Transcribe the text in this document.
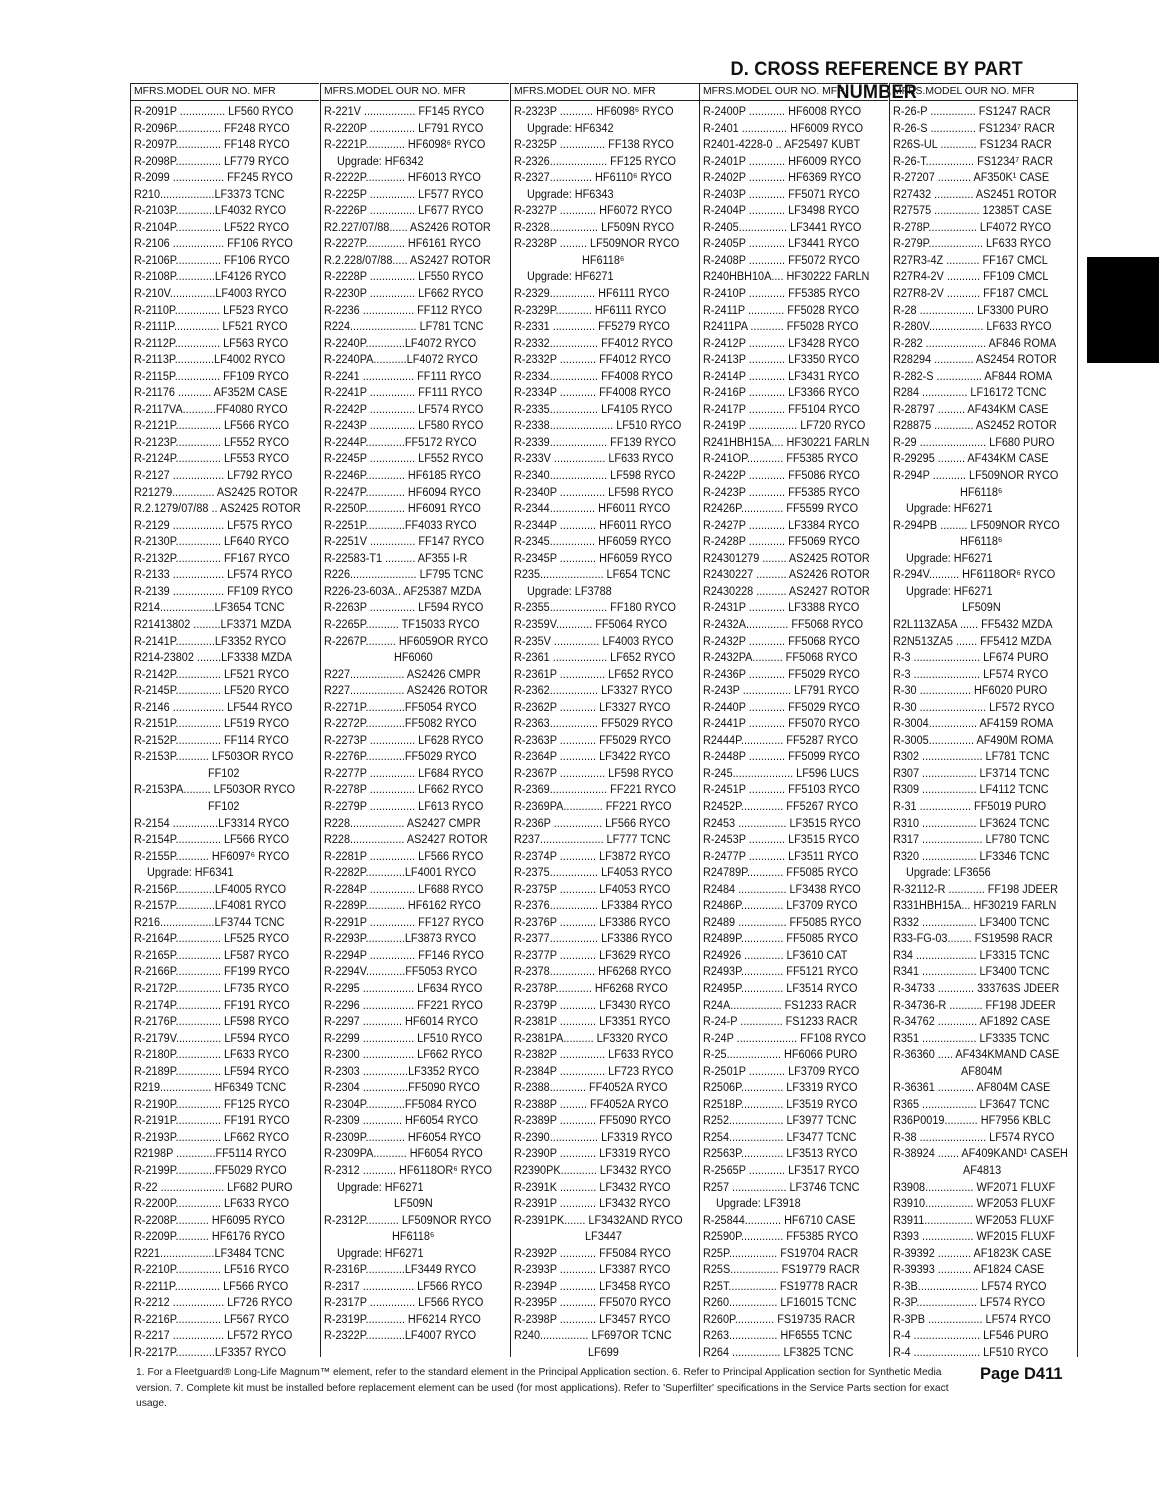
D. CROSS REFERENCE BY PART NUMBER
MFRS.MODEL OUR NO. MFR
R-2091P ............... LF560 RYCO
R-2096P............... FF248 RYCO
R-2097P............... FF148 RYCO
R-2098P............... LF779 RYCO
R-2099 ................. FF245 RYCO
R210..................LF3373 TCNC
R-2103P.............LF4032 RYCO
R-2104P............... LF522 RYCO
R-2106 ................. FF106 RYCO
R-2106P............... FF106 RYCO
R-2108P.............LF4126 RYCO
R-210V...............LF4003 RYCO
R-2110P............... LF523 RYCO
R-2111P............... LF521 RYCO
R-2112P............... LF563 RYCO
R-2113P.............LF4002 RYCO
R-2115P............... FF109 RYCO
R-21176 ........... AF352M CASE
R-2117VA...........FF4080 RYCO
R-2121P............... LF566 RYCO
R-2123P............... LF552 RYCO
R-2124P............... LF553 RYCO
R-2127 ................. LF792 RYCO
R21279.............. AS2425 ROTOR
R.2.1279/07/88 .. AS2425 ROTOR
R-2129 ................. LF575 RYCO
R-2130P............... LF640 RYCO
R-2132P............... FF167 RYCO
R-2133 ................. LF574 RYCO
R-2139 ................. FF109 RYCO
R214..................LF3654 TCNC
R21413802 .........LF3371 MZDA
R-2141P.............LF3352 RYCO
R214-23802 ........LF3338 MZDA
R-2142P............... LF521 RYCO
R-2145P............... LF520 RYCO
R-2146 ................. LF544 RYCO
R-2151P............... LF519 RYCO
R-2152P............... FF114 RYCO
R-2153P........... LF503OR RYCO
FF102
R-2153PA......... LF503OR RYCO
FF102
R-2154 ...............LF3314 RYCO
R-2154P............... LF566 RYCO
R-2155P........... HF6097⁶ RYCO
Upgrade: HF6341
R-2156P.............LF4005 RYCO
R-2157P.............LF4081 RYCO
R216..................LF3744 TCNC
R-2164P............... LF525 RYCO
R-2165P............... LF587 RYCO
R-2166P............... FF199 RYCO
R-2172P............... LF735 RYCO
R-2174P............... FF191 RYCO
R-2176P............... LF598 RYCO
R-2179V............... LF594 RYCO
R-2180P............... LF633 RYCO
R-2189P............... LF594 RYCO
R219................. HF6349 TCNC
R-2190P............... FF125 RYCO
R-2191P............... FF191 RYCO
R-2193P............... LF662 RYCO
R2198P .............FF5114 RYCO
R-2199P.............FF5029 RYCO
R-22 ..................... LF682 PURO
R-2200P............... LF633 RYCO
R-2208P........... HF6095 RYCO
R-2209P........... HF6176 RYCO
R221..................LF3484 TCNC
R-2210P............... LF516 RYCO
R-2211P............... LF566 RYCO
R-2212 ................. LF726 RYCO
R-2216P............... LF567 RYCO
R-2217 ................. LF572 RYCO
R-2217P.............LF3357 RYCO
MFRS.MODEL OUR NO. MFR
R-221V ................. FF145 RYCO
R-2220P ............... LF791 RYCO
R-2221P............. HF6098⁶ RYCO
Upgrade: HF6342
R-2222P............. HF6013 RYCO
R-2225P ............... LF577 RYCO
R-2226P ............... LF677 RYCO
R2.227/07/88...... AS2426 ROTOR
R-2227P............. HF6161 RYCO
R.2.228/07/88..... AS2427 ROTOR
R-2228P ............... LF550 RYCO
R-2230P ............... LF662 RYCO
R-2236 ................. FF112 RYCO
R224...................... LF781 TCNC
R-2240P.............LF4072 RYCO
R-2240PA...........LF4072 RYCO
R-2241 ................. FF111 RYCO
R-2241P ............... FF111 RYCO
R-2242P ............... LF574 RYCO
R-2243P ............... LF580 RYCO
R-2244P.............FF5172 RYCO
R-2245P ............... LF552 RYCO
R-2246P............. HF6185 RYCO
R-2247P............. HF6094 RYCO
R-2250P............. HF6091 RYCO
R-2251P.............FF4033 RYCO
R-2251V ............... FF147 RYCO
R-22583-T1 .......... AF355 I-R
R226...................... LF795 TCNC
R226-23-603A.. AF25387 MZDA
R-2263P ............... LF594 RYCO
R-2265P........... TF15033 RYCO
R-2267P.......... HF6059OR RYCO
HF6060
R227.................. AS2426 CMPR
R227.................. AS2426 ROTOR
R-2271P.............FF5054 RYCO
R-2272P.............FF5082 RYCO
R-2273P ............... LF628 RYCO
R-2276P.............FF5029 RYCO
R-2277P ............... LF684 RYCO
R-2278P ............... LF662 RYCO
R-2279P ............... LF613 RYCO
R228.................. AS2427 CMPR
R228.................. AS2427 ROTOR
R-2281P ............... LF566 RYCO
R-2282P.............LF4001 RYCO
R-2284P ............... LF688 RYCO
R-2289P............. HF6162 RYCO
R-2291P ............... FF127 RYCO
R-2293P.............LF3873 RYCO
R-2294P ............... FF146 RYCO
R-2294V.............FF5053 RYCO
R-2295 ................. LF634 RYCO
R-2296 ................. FF221 RYCO
R-2297 ............. HF6014 RYCO
R-2299 ................. LF510 RYCO
R-2300 ................. LF662 RYCO
R-2303 ...............LF3352 RYCO
R-2304 ...............FF5090 RYCO
R-2304P.............FF5084 RYCO
R-2309 ............. HF6054 RYCO
R-2309P............. HF6054 RYCO
R-2309PA........... HF6054 RYCO
R-2312 ........... HF6118OR⁶ RYCO
Upgrade: HF6271
LF509N
R-2312P........... LF509NOR RYCO
HF6118⁶
Upgrade: HF6271
R-2316P.............LF3449 RYCO
R-2317 ................. LF566 RYCO
R-2317P ............... LF566 RYCO
R-2319P............. HF6214 RYCO
R-2322P.............LF4007 RYCO
MFRS.MODEL OUR NO. MFR
R-2323P ........... HF6098⁶ RYCO
Upgrade: HF6342
R-2325P ............... FF138 RYCO
R-2326................... FF125 RYCO
R-2327.............. HF6110⁶ RYCO
Upgrade: HF6343
R-2327P ............ HF6072 RYCO
R-2328................ LF509N RYCO
R-2328P ......... LF509NOR RYCO
HF6118⁶
Upgrade: HF6271
R-2329............... HF6111 RYCO
R-2329P............ HF6111 RYCO
R-2331 .............. FF5279 RYCO
R-2332................ FF4012 RYCO
R-2332P ............ FF4012 RYCO
R-2334................ FF4008 RYCO
R-2334P ............ FF4008 RYCO
R-2335................ LF4105 RYCO
R-2338..................... LF510 RYCO
R-2339................... FF139 RYCO
R-233V ................. LF633 RYCO
R-2340................... LF598 RYCO
R-2340P ............... LF598 RYCO
R-2344............... HF6011 RYCO
R-2344P ............ HF6011 RYCO
R-2345............... HF6059 RYCO
R-2345P ............ HF6059 RYCO
R235..................... LF654 TCNC
Upgrade: LF3788
R-2355................... FF180 RYCO
R-2359V............ FF5064 RYCO
R-235V ............... LF4003 RYCO
R-2361 .................. LF652 RYCO
R-2361P ............... LF652 RYCO
R-2362................ LF3327 RYCO
R-2362P ............ LF3327 RYCO
R-2363................ FF5029 RYCO
R-2363P ............ FF5029 RYCO
R-2364P ............ LF3422 RYCO
R-2367P ............... LF598 RYCO
R-2369................... FF221 RYCO
R-2369PA............. FF221 RYCO
R-236P ................ LF566 RYCO
R237..................... LF777 TCNC
R-2374P ............ LF3872 RYCO
R-2375................ LF4053 RYCO
R-2375P ............ LF4053 RYCO
R-2376................ LF3384 RYCO
R-2376P ............ LF3386 RYCO
R-2377................ LF3386 RYCO
R-2377P ............ LF3629 RYCO
R-2378............... HF6268 RYCO
R-2378P............ HF6268 RYCO
R-2379P ............ LF3430 RYCO
R-2381P ............ LF3351 RYCO
R-2381PA.......... LF3320 RYCO
R-2382P ............... LF633 RYCO
R-2384P ............... LF723 RYCO
R-2388............ FF4052A RYCO
R-2388P ......... FF4052A RYCO
R-2389P ............ FF5090 RYCO
R-2390................ LF3319 RYCO
R-2390P ............ LF3319 RYCO
R2390PK............ LF3432 RYCO
R-2391K ............ LF3432 RYCO
R-2391P ............ LF3432 RYCO
R-2391PK....... LF3432AND RYCO
LF3447
R-2392P ............ FF5084 RYCO
R-2393P ............ LF3387 RYCO
R-2394P ............ LF3458 RYCO
R-2395P ............ FF5070 RYCO
R-2398P ............ LF3457 RYCO
R240................ LF697OR TCNC
LF699
MFRS.MODEL OUR NO. MFR
R-2400P ............ HF6008 RYCO
R-2401 ............... HF6009 RYCO
R2401-4228-0 .. AF25497 KUBT
R-2401P ............ HF6009 RYCO
R-2402P ............ HF6369 RYCO
R-2403P ............ FF5071 RYCO
R-2404P ............ LF3498 RYCO
R-2405................ LF3441 RYCO
R-2405P ............ LF3441 RYCO
R-2408P ............ FF5072 RYCO
R240HBH10A.... HF30222 FARLN
R-2410P ............ FF5385 RYCO
R-2411P ............ FF5028 RYCO
R2411PA ........... FF5028 RYCO
R-2412P ............ LF3428 RYCO
R-2413P ............ LF3350 RYCO
R-2414P ............ LF3431 RYCO
R-2416P ............ LF3366 RYCO
R-2417P ............ FF5104 RYCO
R-2419P ................ LF720 RYCO
R241HBH15A.... HF30221 FARLN
R-241OP............ FF5385 RYCO
R-2422P ............ FF5086 RYCO
R-2423P ............ FF5385 RYCO
R2426P.............. FF5599 RYCO
R-2427P ............ LF3384 RYCO
R-2428P ............ FF5069 RYCO
R24301279 ........ AS2425 ROTOR
R2430227 .......... AS2426 ROTOR
R2430228 .......... AS2427 ROTOR
R-2431P ............ LF3388 RYCO
R-2432A.............. FF5068 RYCO
R-2432P ............ FF5068 RYCO
R-2432PA.......... FF5068 RYCO
R-2436P ............ FF5029 RYCO
R-243P ................ LF791 RYCO
R-2440P ............ FF5029 RYCO
R-2441P ............ FF5070 RYCO
R2444P.............. FF5287 RYCO
R-2448P ............ FF5099 RYCO
R-245.................... LF596 LUCS
R-2451P ............ FF5103 RYCO
R2452P.............. FF5267 RYCO
R2453 ................ LF3515 RYCO
R-2453P ............ LF3515 RYCO
R-2477P ............ LF3511 RYCO
R24789P............ FF5085 RYCO
R2484 ................ LF3438 RYCO
R2486P.............. LF3709 RYCO
R2489 ................ FF5085 RYCO
R2489P.............. FF5085 RYCO
R24926 ............. LF3610 CAT
R2493P.............. FF5121 RYCO
R2495P.............. LF3514 RYCO
R24A................. FS1233 RACR
R-24-P .............. FS1233 RACR
R-24P .................... FF108 RYCO
R-25.................. HF6066 PURO
R-2501P ............ LF3709 RYCO
R2506P.............. LF3319 RYCO
R2518P.............. LF3519 RYCO
R252.................. LF3977 TCNC
R254.................. LF3477 TCNC
R2563P.............. LF3513 RYCO
R-2565P ............ LF3517 RYCO
R257 .................. LF3746 TCNC
Upgrade: LF3918
R-25844............ HF6710 CASE
R2590P.............. FF5385 RYCO
R25P................ FS19704 RACR
R25S................ FS19779 RACR
R25T................ FS19778 RACR
R260................ LF16015 TCNC
R260P............. FS19735 RACR
R263................ HF6555 TCNC
R264 ................ LF3825 TCNC
MFRS.MODEL OUR NO. MFR
R-26-P ............... FS1247 RACR
R-26-S ............... FS1234⁷ RACR
R26S-UL ............ FS1234 RACR
R-26-T................ FS1234⁷ RACR
R-27207 ........... AF350K¹ CASE
R27432 ............. AS2451 ROTOR
R27575 ............... 12385T CASE
R-278P................ LF4072 RYCO
R-279P.................. LF633 RYCO
R27R3-4Z ........... FF167 CMCL
R27R4-2V ........... FF109 CMCL
R27R8-2V ........... FF187 CMCL
R-28 .................. LF3300 PURO
R-280V.................. LF633 RYCO
R-282 .................... AF846 ROMA
R28294 ............. AS2454 ROTOR
R-282-S ............... AF844 ROMA
R284 ............... LF16172 TCNC
R-28797 ......... AF434KM CASE
R28875 ............. AS2452 ROTOR
R-29 ...................... LF680 PURO
R-29295 ......... AF434KM CASE
R-294P ........... LF509NOR RYCO
HF6118⁶
Upgrade: HF6271
R-294PB ......... LF509NOR RYCO
HF6118⁶
Upgrade: HF6271
R-294V.......... HF6118OR⁶ RYCO
Upgrade: HF6271
LF509N
R2L113ZA5A ...... FF5432 MZDA
R2N513ZA5 ....... FF5412 MZDA
R-3 ...................... LF674 PURO
R-3 ...................... LF574 RYCO
R-30 ................. HF6020 PURO
R-30 ...................... LF572 RYCO
R-3004................ AF4159 ROMA
R-3005............... AF490M ROMA
R302 .................... LF781 TCNC
R307 .................. LF3714 TCNC
R309 .................. LF4112 TCNC
R-31 ................. FF5019 PURO
R310 .................. LF3624 TCNC
R317 .................... LF780 TCNC
R320 .................. LF3346 TCNC
Upgrade: LF3656
R-32112-R ............ FF198 JDEER
R331HBH15A... HF30219 FARLN
R332 .................. LF3400 TCNC
R33-FG-03........ FS19598 RACR
R34 .................... LF3315 TCNC
R341 .................. LF3400 TCNC
R-34733 ............ 333763S JDEER
R-34736-R ........... FF198 JDEER
R-34762 ............. AF1892 CASE
R351 .................. LF3335 TCNC
R-36360 ..... AF434KMAND CASE
AF804M
R-36361 ............ AF804M CASE
R365 .................. LF3647 TCNC
R36P0019........... HF7956 KBLC
R-38 ...................... LF574 RYCO
R-38924 ....... AF409KAND¹ CASEH
AF4813
R3908................ WF2071 FLUXF
R3910................ WF2053 FLUXF
R3911................ WF2053 FLUXF
R393 ................. WF2015 FLUXF
R-39392 ........... AF1823K CASE
R-39393 ........... AF1824 CASE
R-3B.................... LF574 RYCO
R-3P.................... LF574 RYCO
R-3PB .................. LF574 RYCO
R-4 ...................... LF546 PURO
R-4 ...................... LF510 RYCO
1. For a Fleetguard® Long-Life Magnum™ element, refer to the standard element in the Principal Application section. 6. Refer to Principal Application section for Synthetic Media version. 7. Complete kit must be installed before replacement element can be used (for most applications). Refer to 'Superfilter' specifications in the Service Parts section for exact usage.
Page D411
